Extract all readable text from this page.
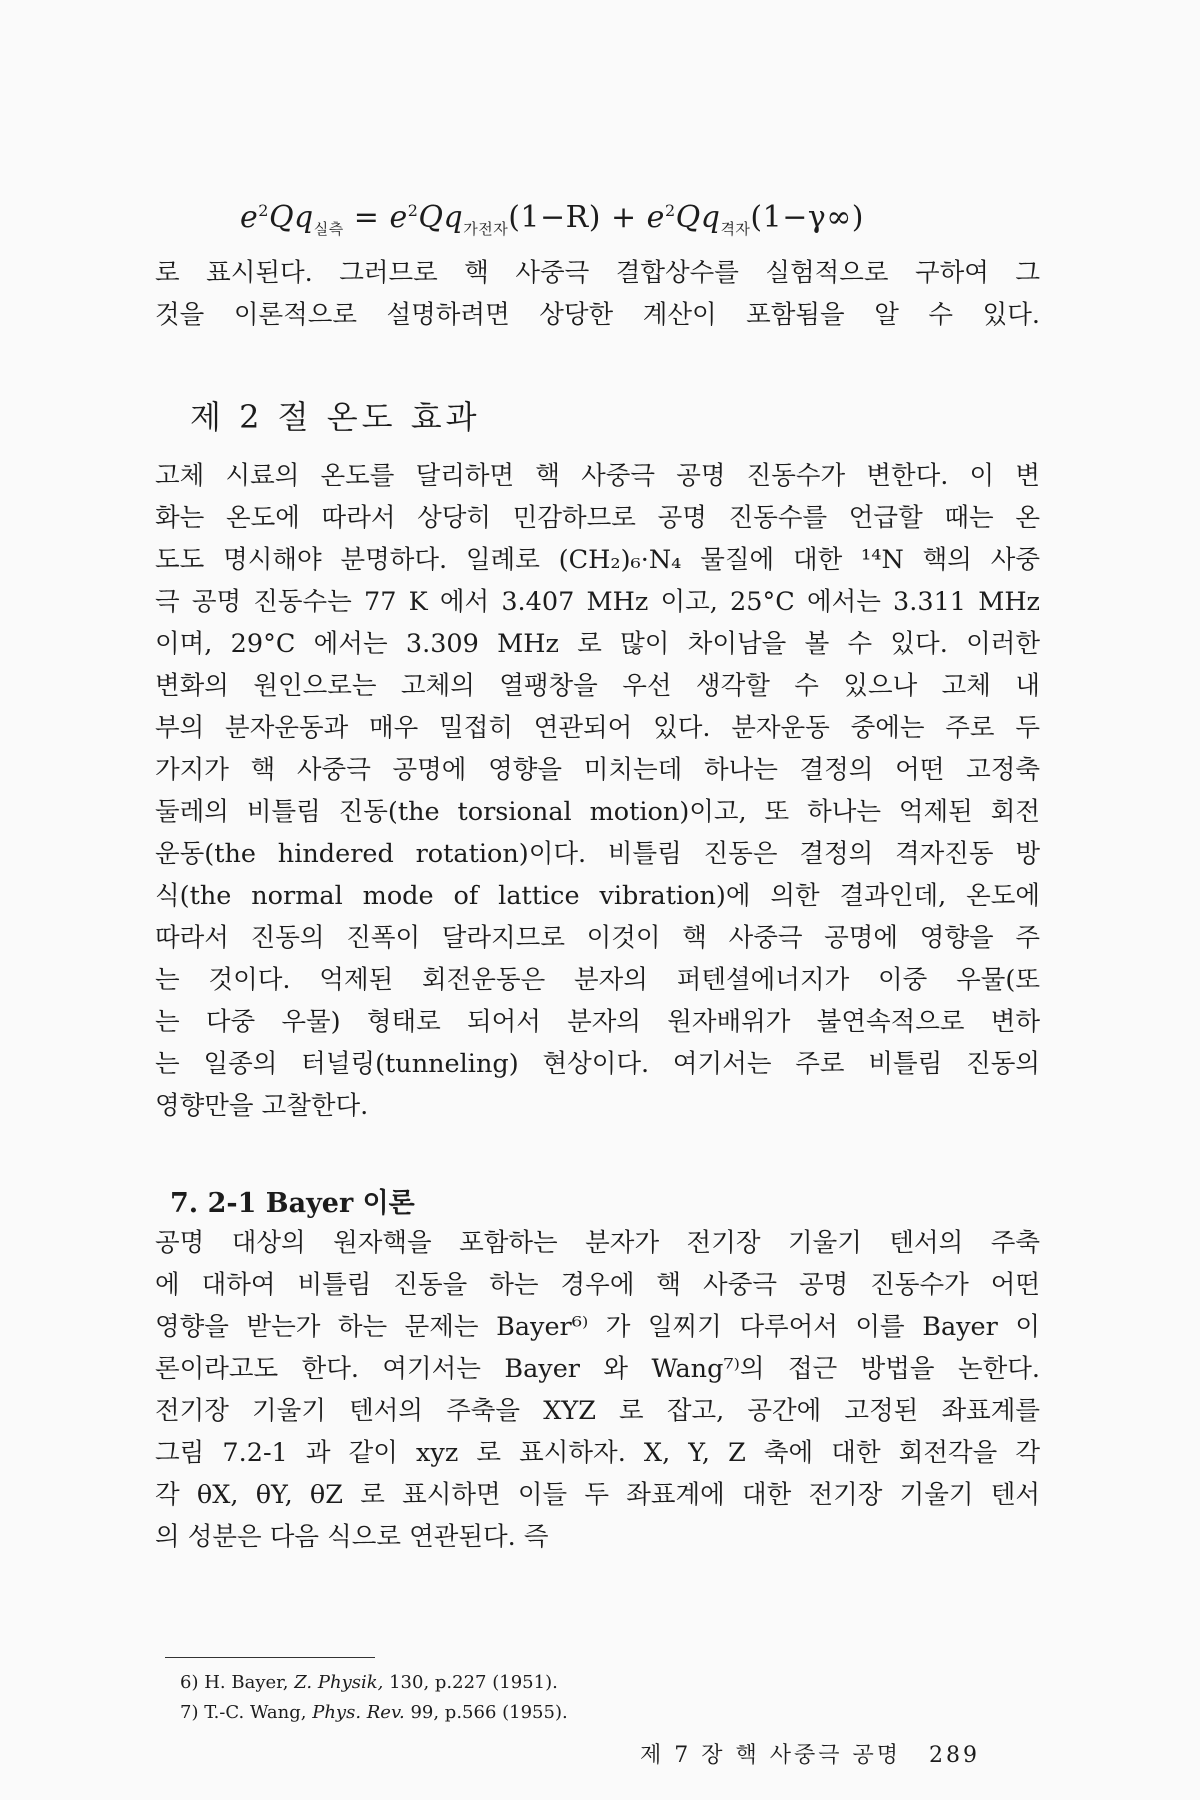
$e^2Qq_{실측} = e^2Qq_{가전자}(1-R) + e^2Qq_{격자}(1-\gamma\infty)$
로 표시된다. 그러므로 핵 사중극 결합상수를 실험적으로 구하여 그
것을 이론적으로 설명하려면 상당한 계산이 포함됨을 알 수 있다.
제 2 절 온도 효과
고체 시료의 온도를 달리하면 핵 사중극 공명 진동수가 변한다. 이 변
화는 온도에 따라서 상당히 민감하므로 공명 진동수를 언급할 때는 온
도도 명시해야 분명하다. 일례로 (CH₂)₆·N₄ 물질에 대한 ¹⁴N 핵의 사중
극 공명 진동수는 77 K 에서 3.407 MHz 이고, 25°C 에서는 3.311 MHz
이며, 29°C 에서는 3.309 MHz 로 많이 차이남을 볼 수 있다. 이러한
변화의 원인으로는 고체의 열팽창을 우선 생각할 수 있으나 고체 내
부의 분자운동과 매우 밀접히 연관되어 있다. 분자운동 중에는 주로 두
가지가 핵 사중극 공명에 영향을 미치는데 하나는 결정의 어떤 고정축
둘레의 비틀림 진동(the torsional motion)이고, 또 하나는 억제된 회전
운동(the hindered rotation)이다. 비틀림 진동은 결정의 격자진동 방
식(the normal mode of lattice vibration)에 의한 결과인데, 온도에
따라서 진동의 진폭이 달라지므로 이것이 핵 사중극 공명에 영향을 주
는 것이다. 억제된 회전운동은 분자의 퍼텐셜에너지가 이중 우물(또
는 다중 우물) 형태로 되어서 분자의 원자배위가 불연속적으로 변하
는 일종의 터널링(tunneling) 현상이다. 여기서는 주로 비틀림 진동의
영향만을 고찰한다.
7. 2-1 Bayer 이론
공명 대상의 원자핵을 포함하는 분자가 전기장 기울기 텐서의 주축
에 대하여 비틀림 진동을 하는 경우에 핵 사중극 공명 진동수가 어떤
영향을 받는가 하는 문제는 Bayer⁶⁾ 가 일찌기 다루어서 이를 Bayer 이
론이라고도 한다. 여기서는 Bayer 와 Wang⁷⁾의 접근 방법을 논한다.
전기장 기울기 텐서의 주축을 XYZ 로 잡고, 공간에 고정된 좌표계를
그림 7.2-1 과 같이 xyz 로 표시하자. X, Y, Z 축에 대한 회전각을 각
각 θX, θY, θZ 로 표시하면 이들 두 좌표계에 대한 전기장 기울기 텐서
의 성분은 다음 식으로 연관된다. 즉
6) H. Bayer, Z. Physik, 130, p.227 (1951).
7) T.-C. Wang, Phys. Rev. 99, p.566 (1955).
제 7 장 핵 사중극 공명 289
